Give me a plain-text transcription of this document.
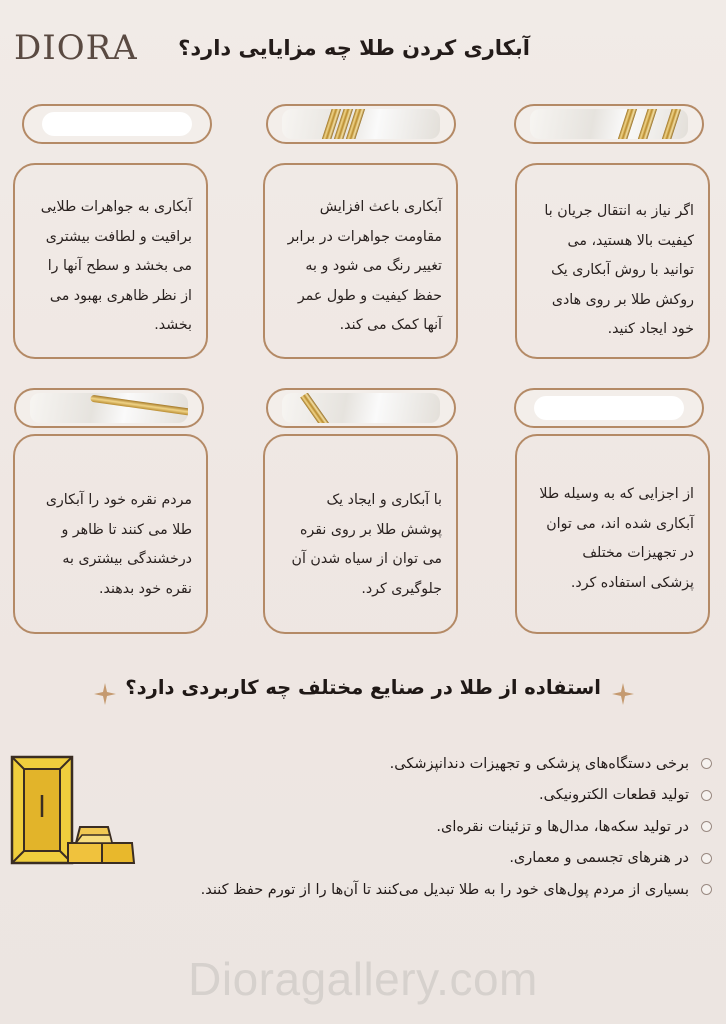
DIORA آبکاری کردن طلا چه مزایایی دارد؟
آبکاری به جواهرات طلایی براقیت و لطافت بیشتری می بخشد و سطح آنها را از نظر ظاهری بهبود می بخشد.
آبکاری باعث افزایش مقاومت جواهرات در برابر تغییر رنگ می شود و به حفظ کیفیت و طول عمر آنها کمک می کند.
اگر نیاز به انتقال جریان با کیفیت بالا هستید، می توانید با روش آبکاری یک روکش طلا بر روی هادی خود ایجاد کنید.
مردم نقره خود را آبکاری طلا می کنند تا ظاهر و درخشندگی بیشتری به نقره خود بدهند.
با آبکاری و ایجاد یک پوشش طلا بر روی نقره می توان از سیاه شدن آن جلوگیری کرد.
از اجزایی که به وسیله طلا آبکاری شده اند، می توان در تجهیزات مختلف پزشکی استفاده کرد.
استفاده از طلا در صنایع مختلف چه کاربردی دارد؟
برخی دستگاه‌های پزشکی و تجهیزات دندانپزشکی.
تولید قطعات الکترونیکی.
در تولید سکه‌ها، مدال‌ها و تزئینات نقره‌ای.
در هنرهای تجسمی و معماری.
بسیاری از مردم پول‌های خود را به طلا تبدیل می‌کنند تا آن‌ها را از تورم حفظ کنند.
Dioragallery.com
